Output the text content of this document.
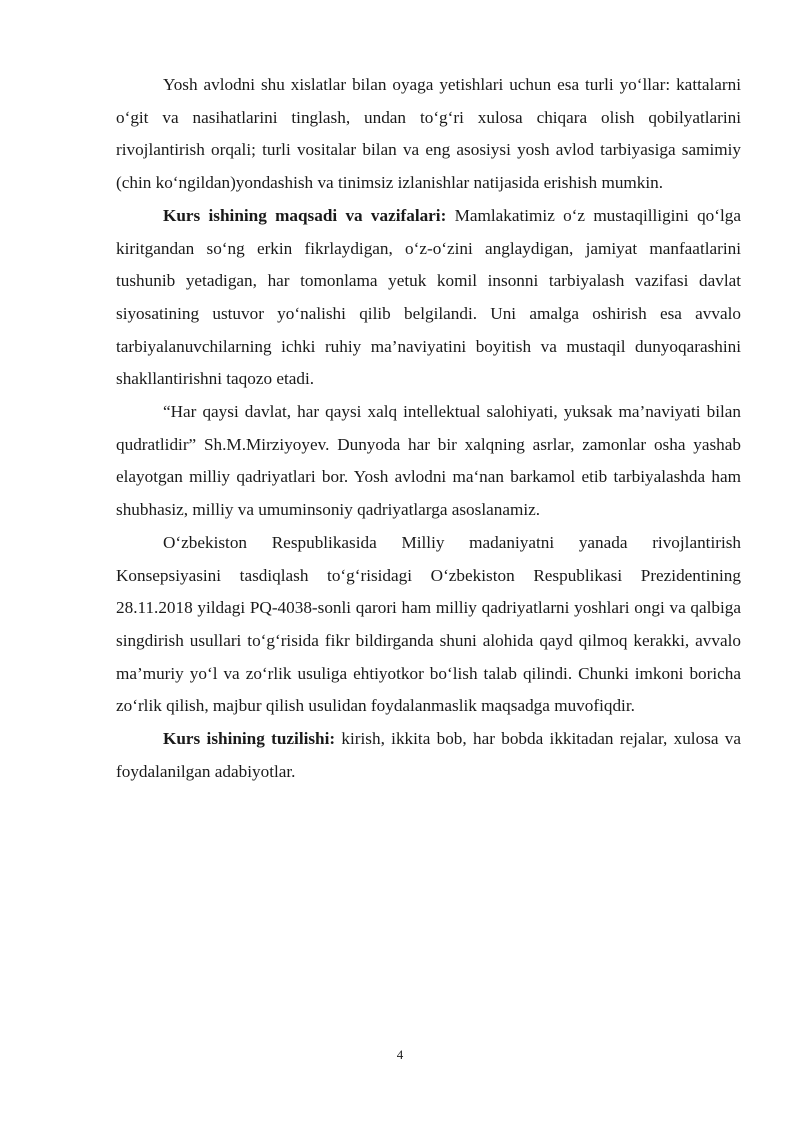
Yosh avlodni shu xislatlar bilan oyaga yetishlari uchun esa turli yo‘llar: kattalarni o‘git va nasihatlarini tinglash, undan to‘g‘ri xulosa chiqara olish qobilyatlarini rivojlantirish orqali; turli vositalar bilan va eng asosiysi yosh avlod tarbiyasiga samimiy (chin ko‘ngildan)yondashish va tinimsiz izlanishlar natijasida erishish mumkin.

Kurs ishining maqsadi va vazifalari: Mamlakatimiz o‘z mustaqilligini qo‘lga kiritgandan so‘ng erkin fikrlaydigan, o‘z-o‘zini anglaydigan, jamiyat manfaatlarini tushunib yetadigan, har tomonlama yetuk komil insonni tarbiyalash vazifasi davlat siyosatining ustuvor yo‘nalishi qilib belgilandi. Uni amalga oshirish esa avvalo tarbiyalanuvchilarning ichki ruhiy ma’naviyatini boyitish va mustaqil dunyoqarashini shakllantirishni taqozo etadi.

“Har qaysi davlat, har qaysi xalq intellektual salohiyati, yuksak ma’naviyati bilan qudratlidir” Sh.M.Mirziyoyev. Dunyoda har bir xalqning asrlar, zamonlar osha yashab elayotgan milliy qadriyatlari bor. Yosh avlodni ma‘nan barkamol etib tarbiyalashda ham shubhasiz, milliy va umuminsoniy qadriyatlarga asoslanamiz.

O‘zbekiston Respublikasida Milliy madaniyatni yanada rivojlantirish Konsepsiyasini tasdiqlash to‘g‘risidagi O‘zbekiston Respublikasi Prezidentining 28.11.2018 yildagi PQ-4038-sonli qarori ham milliy qadriyatlarni yoshlari ongi va qalbiga singdirish usullari to‘g‘risida fikr bildirganda shuni alohida qayd qilmoq kerakki, avvalo ma’muriy yo‘l va zo‘rlik usuliga ehtiyotkor bo‘lish talab qilindi. Chunki imkoni boricha zo‘rlik qilish, majbur qilish usulidan foydalanmaslik maqsadga muvofiqdir.

Kurs ishining tuzilishi: kirish, ikkita bob, har bobda ikkitadan rejalar, xulosa va foydalanilgan adabiyotlar.

4
